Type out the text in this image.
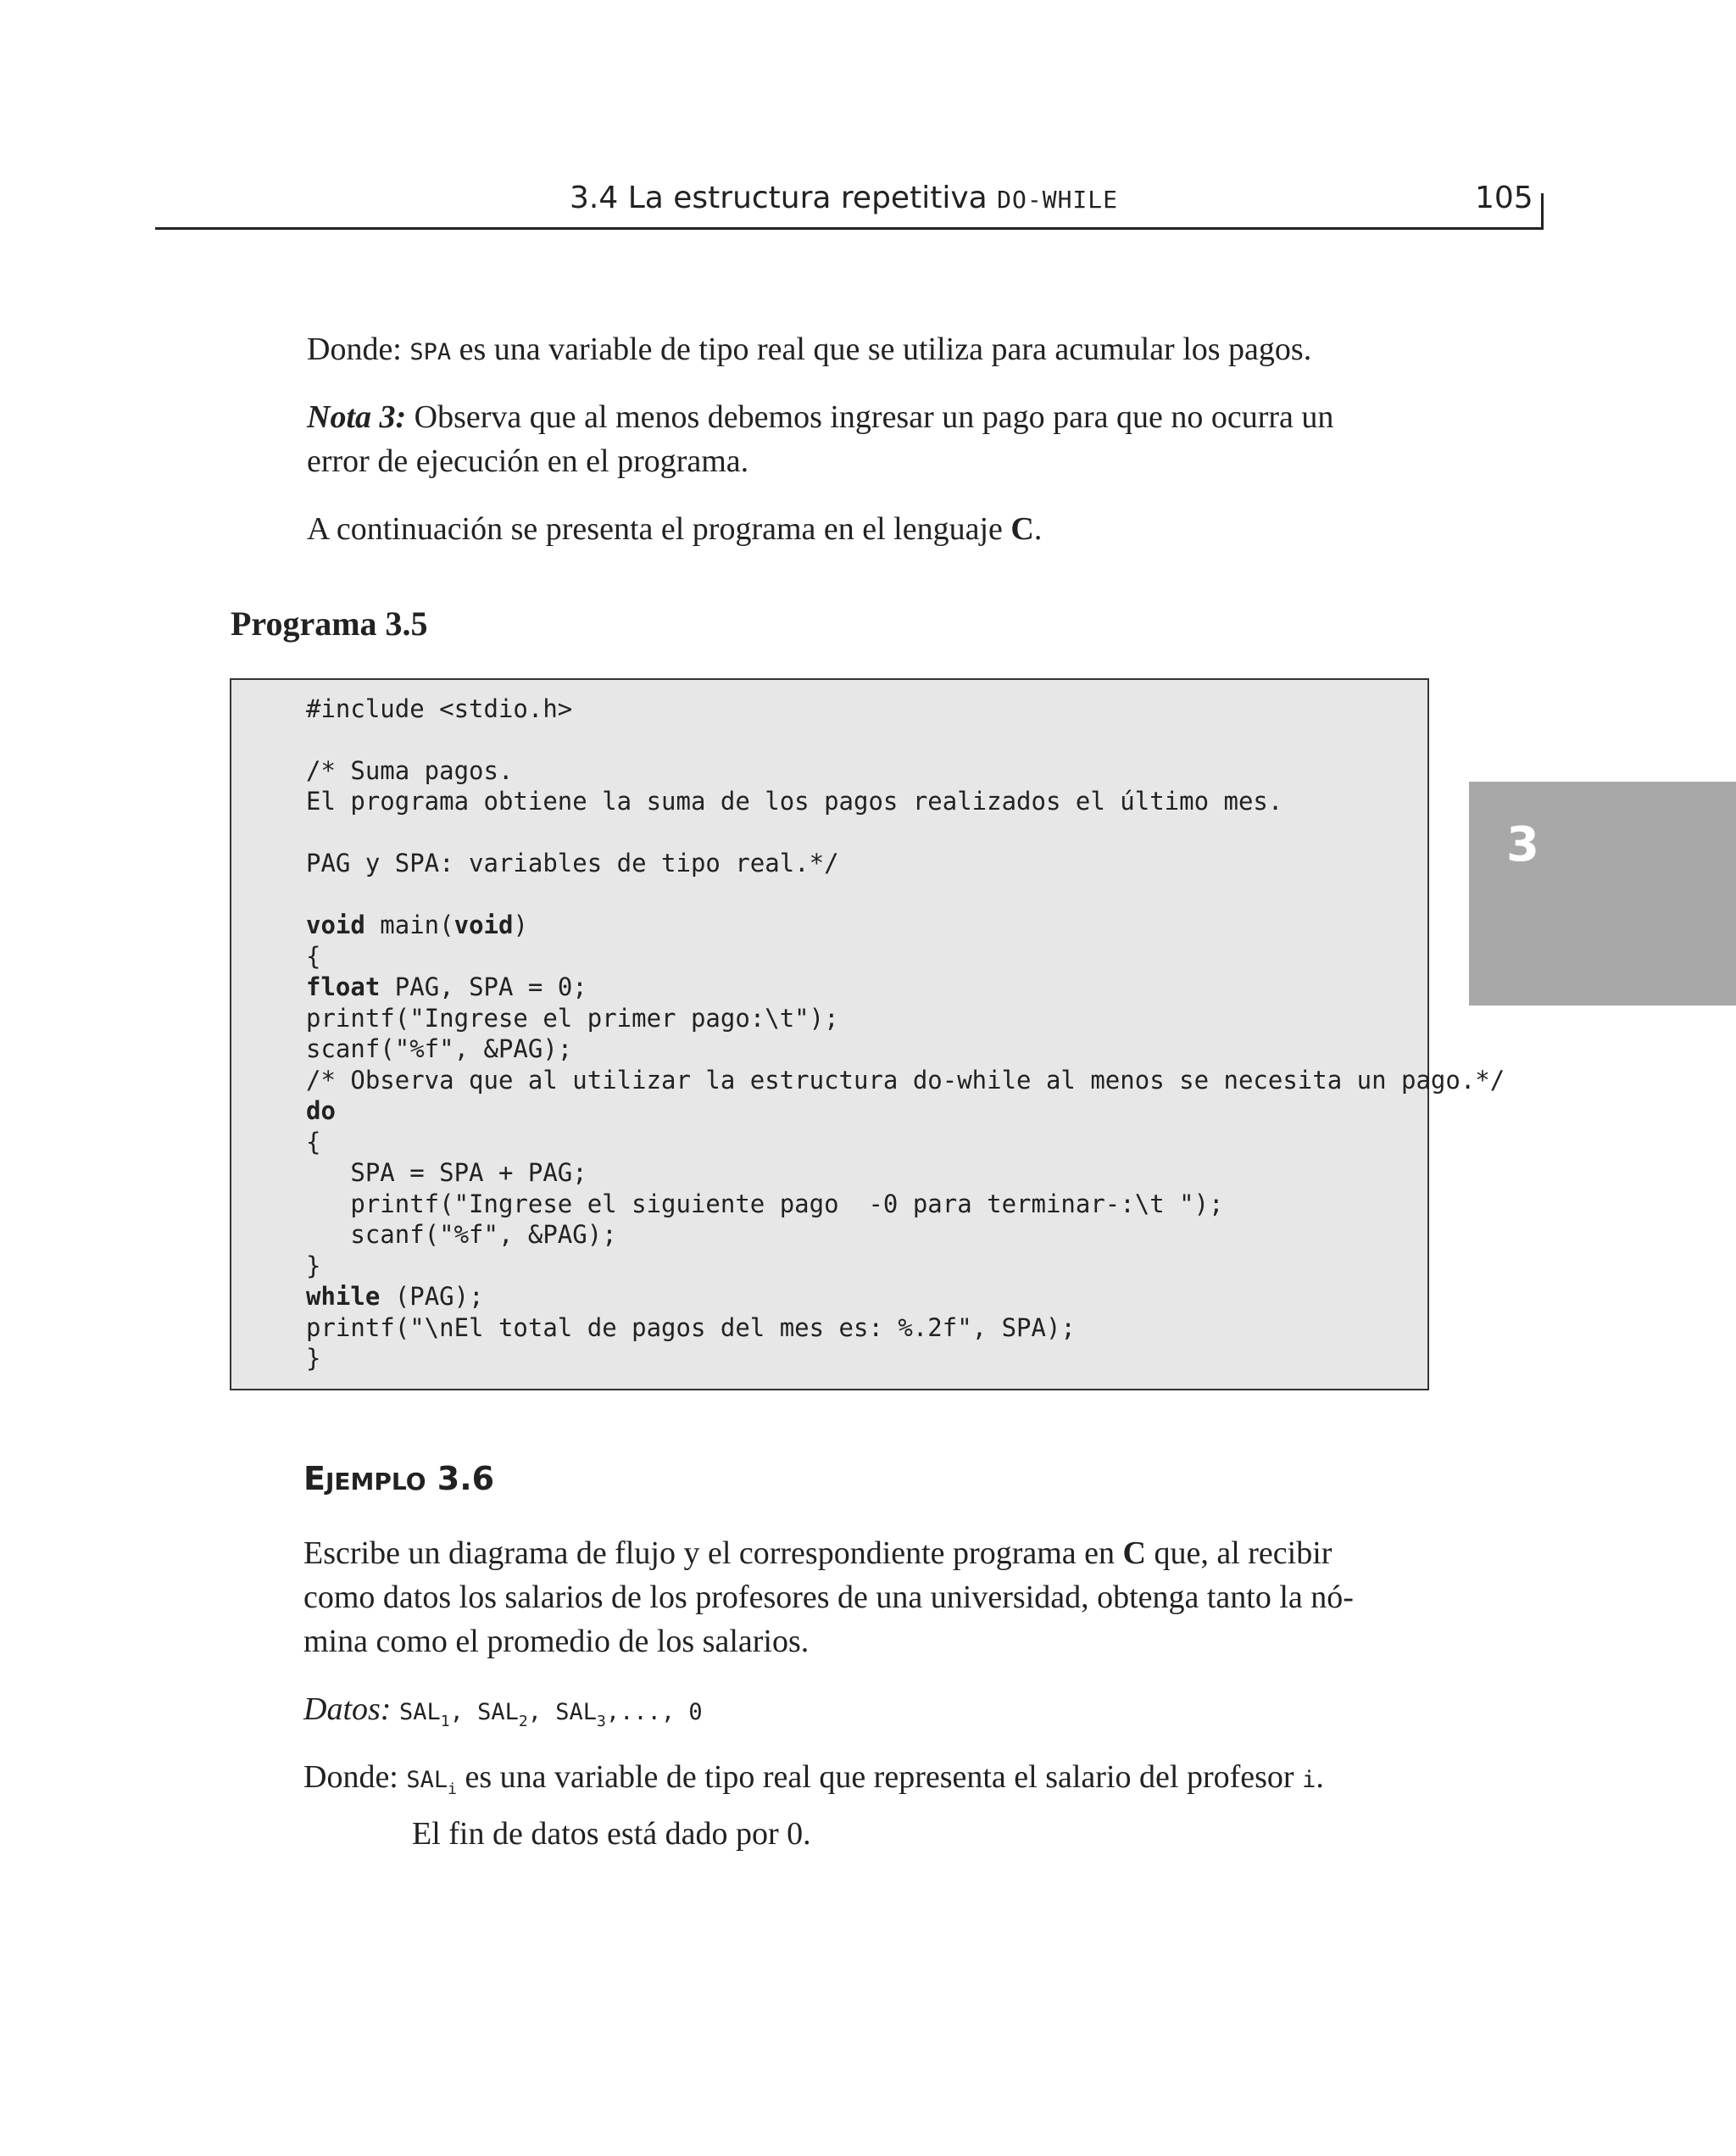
3.4 La estructura repetitiva DO-WHILE	105

Donde: SPA es una variable de tipo real que se utiliza para acumular los pagos.

Nota 3: Observa que al menos debemos ingresar un pago para que no ocurra un
error de ejecución en el programa.

A continuación se presenta el programa en el lenguaje C.

Programa 3.5
#include <stdio.h>
/* Suma pagos.
El programa obtiene la suma de los pagos realizados el último mes.
PAG y SPA: variables de tipo real.*/
void main(void)
{
float PAG, SPA = 0;
printf("Ingrese el primer pago:\t");
scanf("%f", &PAG);
/* Observa que al utilizar la estructura do-while al menos se necesita un pago.*/
do
{
SPA = SPA + PAG;
printf("Ingrese el siguiente pago  -0 para terminar-:\t ");
scanf("%f", &PAG);
}
while (PAG);
printf("\nEl total de pagos del mes es: %.2f", SPA);
}
3
EJEMPLO 3.6

Escribe un diagrama de flujo y el correspondiente programa en C que, al recibir
como datos los salarios de los profesores de una universidad, obtenga tanto la nó-
mina como el promedio de los salarios.

Datos: $SAL_1$, $SAL_2$, $SAL_3$,..., 0

Donde: $SAL_i$ es una variable de tipo real que representa el salario del profesor i.
El fin de datos está dado por 0.
